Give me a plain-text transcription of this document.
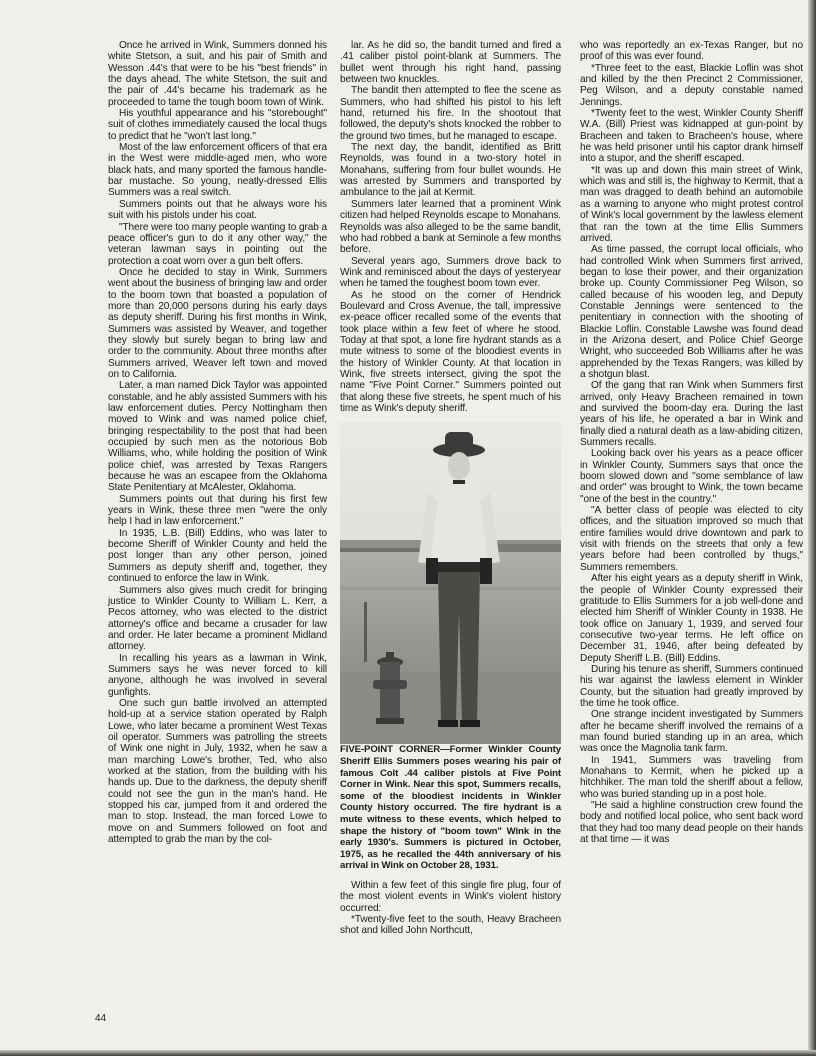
Once he arrived in Wink, Summers donned his white Stetson, a suit, and his pair of Smith and Wesson .44's that were to be his "best friends" in the days ahead. The white Stetson, the suit and the pair of .44's became his trademark as he proceeded to tame the tough boom town of Wink.

His youthful appearance and his "storebought" suit of clothes immediately caused the local thugs to predict that he "won't last long."

Most of the law enforcement officers of that era in the West were middle-aged men, who wore black hats, and many sported the famous handle-bar mustache. So young, neatly-dressed Ellis Summers was a real switch.

Summers points out that he always wore his suit with his pistols under his coat.

"There were too many people wanting to grab a peace officer's gun to do it any other way," the veteran lawman says in pointing out the protection a coat worn over a gun belt offers.

Once he decided to stay in Wink, Summers went about the business of bringing law and order to the boom town that boasted a population of more than 20,000 persons during his early days as deputy sheriff. During his first months in Wink, Summers was assisted by Weaver, and together they slowly but surely began to bring law and order to the community. About three months after Summers arrived, Weaver left town and moved on to California.

Later, a man named Dick Taylor was appointed constable, and he ably assisted Summers with his law enforcement duties. Percy Nottingham then moved to Wink and was named police chief, bringing respectability to the post that had been occupied by such men as the notorious Bob Williams, who, while holding the position of Wink police chief, was arrested by Texas Rangers because he was an escapee from the Oklahoma State Penitentiary at McAlester, Oklahoma.

Summers points out that during his first few years in Wink, these three men "were the only help I had in law enforcement."

In 1935, L.B. (Bill) Eddins, who was later to become Sheriff of Winkler County and held the post longer than any other person, joined Summers as deputy sheriff and, together, they continued to enforce the law in Wink.

Summers also gives much credit for bringing justice to Winkler County to William L. Kerr, a Pecos attorney, who was elected to the district attorney's office and became a crusader for law and order. He later became a prominent Midland attorney.

In recalling his years as a lawman in Wink, Summers says he was never forced to kill anyone, although he was involved in several gunfights.

One such gun battle involved an attempted hold-up at a service station operated by Ralph Lowe, who later became a prominent West Texas oil operator. Summers was patrolling the streets of Wink one night in July, 1932, when he saw a man marching Lowe's brother, Ted, who also worked at the station, from the building with his hands up. Due to the darkness, the deputy sheriff could not see the gun in the man's hand. He stopped his car, jumped from it and ordered the man to stop. Instead, the man forced Lowe to move on and Summers followed on foot and attempted to grab the man by the col-

lar. As he did so, the bandit turned and fired a .41 caliber pistol point-blank at Summers. The bullet went through his right hand, passing between two knuckles.

The bandit then attempted to flee the scene as Summers, who had shifted his pistol to his left hand, returned his fire. In the shootout that followed, the deputy's shots knocked the robber to the ground two times, but he managed to escape.

The next day, the bandit, identified as Britt Reynolds, was found in a two-story hotel in Monahans, suffering from four bullet wounds. He was arrested by Summers and transported by ambulance to the jail at Kermit.

Summers later learned that a prominent Wink citizen had helped Reynolds escape to Monahans. Reynolds was also alleged to be the same bandit, who had robbed a bank at Seminole a few months before.

Several years ago, Summers drove back to Wink and reminisced about the days of yesteryear when he tamed the toughest boom town ever.

As he stood on the corner of Hendrick Boulevard and Cross Avenue, the tall, impressive ex-peace officer recalled some of the events that took place within a few feet of where he stood. Today at that spot, a lone fire hydrant stands as a mute witness to some of the bloodiest events in the history of Winkler County. At that location in Wink, five streets intersect, giving the spot the name "Five Point Corner." Summers pointed out that along these five streets, he spent much of his time as Wink's deputy sheriff.

FIVE-POINT CORNER—Former Winkler County Sheriff Ellis Summers poses wearing his pair of famous Colt .44 caliber pistols at Five Point Corner in Wink. Near this spot, Summers recalls, some of the bloodiest incidents in Winkler County history occurred. The fire hydrant is a mute witness to these events, which helped to shape the history of "boom town" Wink in the early 1930's. Summers is pictured in October, 1975, as he recalled the 44th anniversary of his arrival in Wink on October 28, 1931.

Within a few feet of this single fire plug, four of the most violent events in Wink's violent history occurred:

*Twenty-five feet to the south, Heavy Bracheen shot and killed John Northcutt,

who was reportedly an ex-Texas Ranger, but no proof of this was ever found.

*Three feet to the east, Blackie Loflin was shot and killed by the then Precinct 2 Commissioner, Peg Wilson, and a deputy constable named Jennings.

*Twenty feet to the west, Winkler County Sheriff W.A. (Bill) Priest was kidnapped at gun-point by Bracheen and taken to Bracheen's house, where he was held prisoner until his captor drank himself into a stupor, and the sheriff escaped.

*It was up and down this main street of Wink, which was and still is, the highway to Kermit, that a man was dragged to death behind an automobile as a warning to anyone who might protest control of Wink's local government by the lawless element that ran the town at the time Ellis Summers arrived.

As time passed, the corrupt local officials, who had controlled Wink when Summers first arrived, began to lose their power, and their organization broke up. County Commissioner Peg Wilson, so called because of his wooden leg, and Deputy Constable Jennings were sentenced to the penitentiary in connection with the shooting of Blackie Loflin. Constable Lawshe was found dead in the Arizona desert, and Police Chief George Wright, who succeeded Bob Williams after he was apprehended by the Texas Rangers, was killed by a shotgun blast.

Of the gang that ran Wink when Summers first arrived, only Heavy Bracheen remained in town and survived the boom-day era. During the last years of his life, he operated a bar in Wink and finally died a natural death as a law-abiding citizen, Summers recalls.

Looking back over his years as a peace officer in Winkler County, Summers says that once the boom slowed down and "some semblance of law and order" was brought to Wink, the town became "one of the best in the country."

"A better class of people was elected to city offices, and the situation improved so much that entire families would drive downtown and park to visit with friends on the streets that only a few years before had been controlled by thugs," Summers remembers.

After his eight years as a deputy sheriff in Wink, the people of Winkler County expressed their gratitude to Ellis Summers for a job well-done and elected him Sheriff of Winkler County in 1938. He took office on January 1, 1939, and served four consecutive two-year terms. He left office on December 31, 1946, after being defeated by Deputy Sheriff L.B. (Bill) Eddins.

During his tenure as sheriff, Summers continued his war against the lawless element in Winkler County, but the situation had greatly improved by the time he took office.

One strange incident investigated by Summers after he became sheriff involved the remains of a man found buried standing up in an area, which was once the Magnolia tank farm.

In 1941, Summers was traveling from Monahans to Kermit, when he picked up a hitchhiker. The man told the sheriff about a fellow, who was buried standing up in a post hole.

"He said a highline construction crew found the body and notified local police, who sent back word that they had too many dead people on their hands at that time — it was

44
